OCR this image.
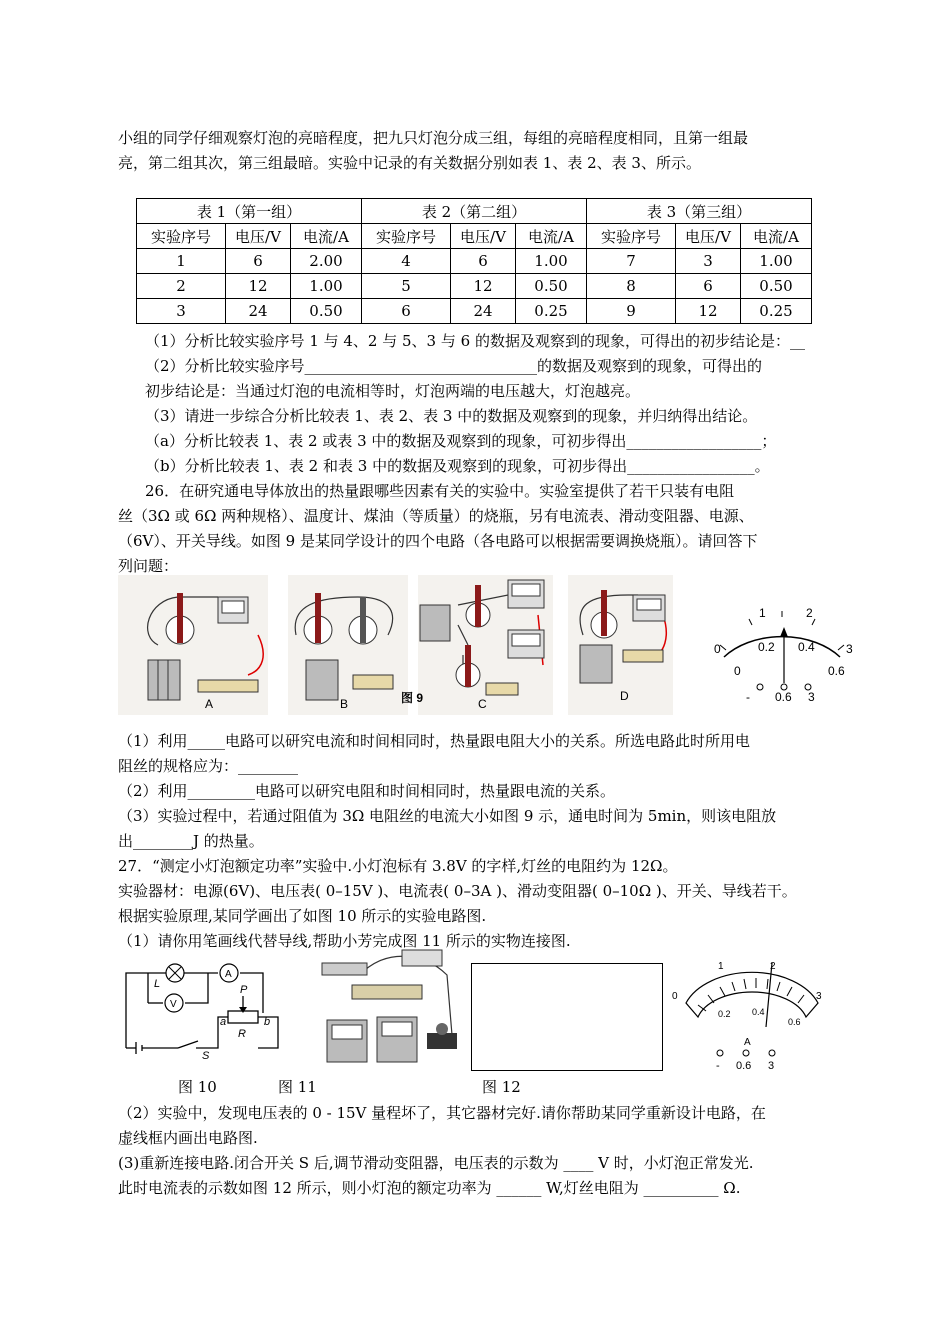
小组的同学仔细观察灯泡的亮暗程度，把九只灯泡分成三组，每组的亮暗程度相同，且第一组最
亮，第二组其次，第三组最暗。实验中记录的有关数据分别如表 1、表 2、表 3、所示。
表 1（第一组）			表 2（第二组）			表 3（第三组）		
实验序号	电压/V	电流/A	实验序号	电压/V	电流/A	实验序号	电压/V	电流/A
1	6	2.00	4	6	1.00	7	3	1.00
2	12	1.00	5	12	0.50	8	6	0.50
3	24	0.50	6	24	0.25	9	12	0.25
（1）分析比较实验序号 1 与 4、2 与 5、3 与 6 的数据及观察到的现象，可得出的初步结论是：__
（2）分析比较实验序号_______________________________的数据及观察到的现象，可得出的
初步结论是：当通过灯泡的电流相等时，灯泡两端的电压越大，灯泡越亮。
（3）请进一步综合分析比较表 1、表 2、表 3 中的数据及观察到的现象，并归纳得出结论。
（a）分析比较表 1、表 2 或表 3 中的数据及观察到的现象，可初步得出__________________；
（b）分析比较表 1、表 2 和表 3 中的数据及观察到的现象，可初步得出_________________。
26．在研究通电导体放出的热量跟哪些因素有关的实验中。实验室提供了若干只装有电阻
丝（3Ω 或 6Ω 两种规格）、温度计、煤油（等质量）的烧瓶，另有电流表、滑动变阻器、电源、
（6V）、开关导线。如图 9 是某同学设计的四个电路（各电路可以根据需要调换烧瓶）。请回答下
列问题：
A	B	图 9	C
D
0
1	2
3
0
0.2 0.4
0.6
- 0.6 3
（1）利用_____电路可以研究电流和时间相同时，热量跟电阻大小的关系。所选电路此时所用电
阻丝的规格应为：________
（2）利用_________电路可以研究电阻和时间相同时，热量跟电流的关系。
（3）实验过程中，若通过阻值为 3Ω 电阻丝的电流大小如图 9 示，通电时间为 5min，则该电阻放
出________J 的热量。
27．“测定小灯泡额定功率”实验中.小灯泡标有 3.8V 的字样,灯丝的电阻约为 12Ω。
实验器材：电源(6V)、电压表( 0–15V )、电流表( 0–3A )、滑动变阻器( 0–10Ω )、开关、导线若干。
根据实验原理,某同学画出了如图 10 所示的实验电路图.
（1）请你用笔画线代替导线,帮助小芳完成图 11 所示的实物连接图.
L
A
V
P
a	b
R
S
0
1	2
3
0.2 0.4
0.6
A
- 0.6 3
图 10	图 11	图 12
（2）实验中，发现电压表的 0 - 15V 量程坏了，其它器材完好.请你帮助某同学重新设计电路，在
虚线框内画出电路图.
(3)重新连接电路.闭合开关 S 后,调节滑动变阻器，电压表的示数为 ____ V 时，小灯泡正常发光.
此时电流表的示数如图 12 所示，则小灯泡的额定功率为 ______ W,灯丝电阻为 __________ Ω.
